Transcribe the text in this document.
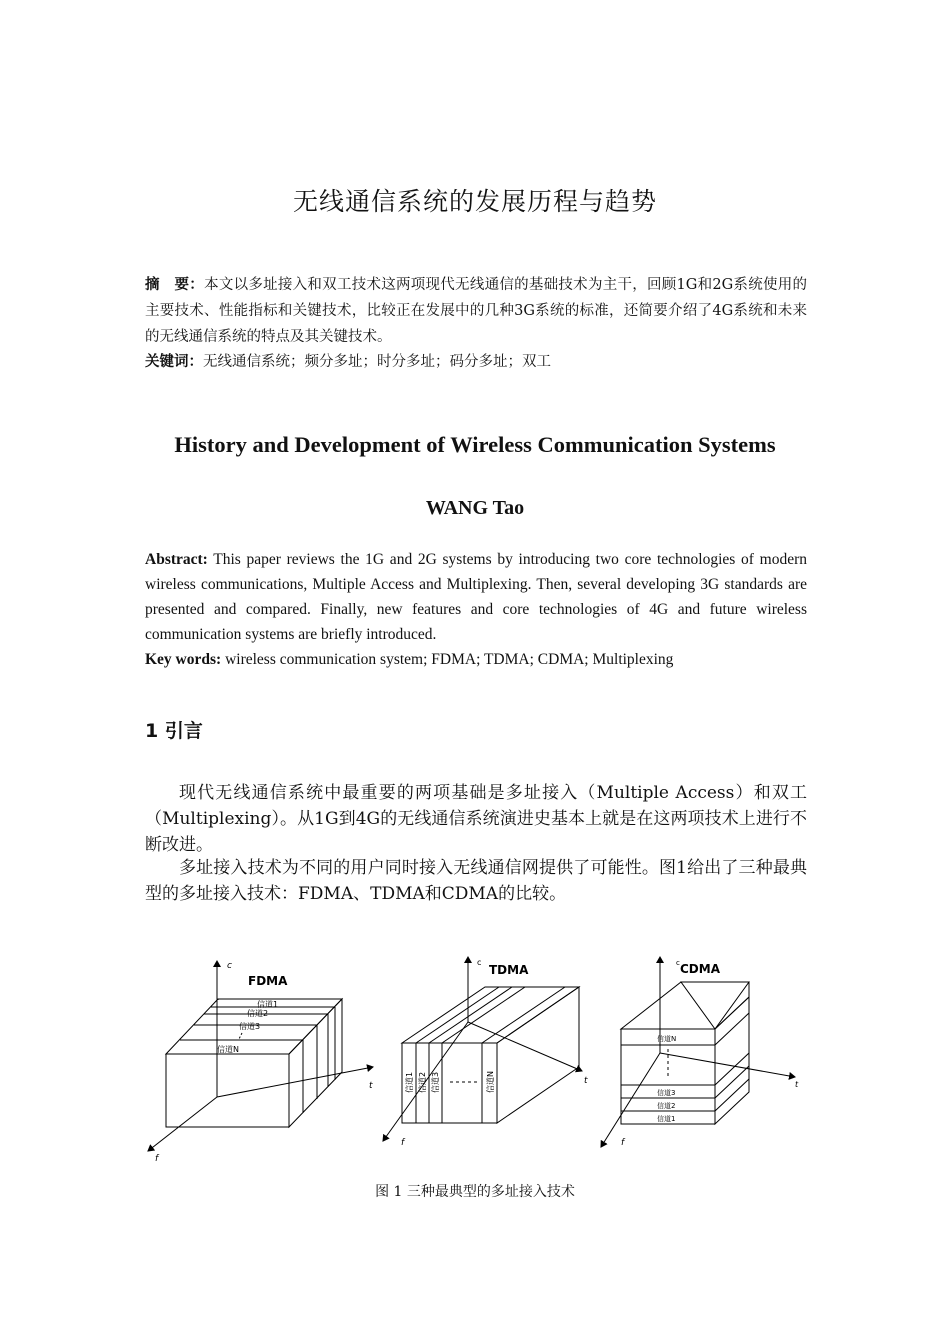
无线通信系统的发展历程与趋势
摘　要：本文以多址接入和双工技术这两项现代无线通信的基础技术为主干，回顾1G和2G系统使用的主要技术、性能指标和关键技术，比较正在发展中的几种3G系统的标准，还简要介绍了4G系统和未来的无线通信系统的特点及其关键技术。
关键词：无线通信系统；频分多址；时分多址；码分多址；双工
History and Development of Wireless Communication Systems
WANG Tao
Abstract: This paper reviews the 1G and 2G systems by introducing two core technologies of modern wireless communications, Multiple Access and Multiplexing. Then, several developing 3G standards are presented and compared. Finally, new features and core technologies of 4G and future wireless communication systems are briefly introduced.
Key words: wireless communication system; FDMA; TDMA; CDMA; Multiplexing
1 引言
现代无线通信系统中最重要的两项基础是多址接入（Multiple Access）和双工（Multiplexing）。从1G到4G的无线通信系统演进史基本上就是在这两项技术上进行不断改进。
多址接入技术为不同的用户同时接入无线通信网提供了可能性。图1给出了三种最典型的多址接入技术：FDMA、TDMA和CDMA的比较。
c
t
f
FDMA
信道1
信道2
信道3
信道N
c
t
f
TDMA
信道1 信道2 信道3	信道N
c
t
f
CDMA
信道N
信道3
信道2
信道1
图 1 三种最典型的多址接入技术
